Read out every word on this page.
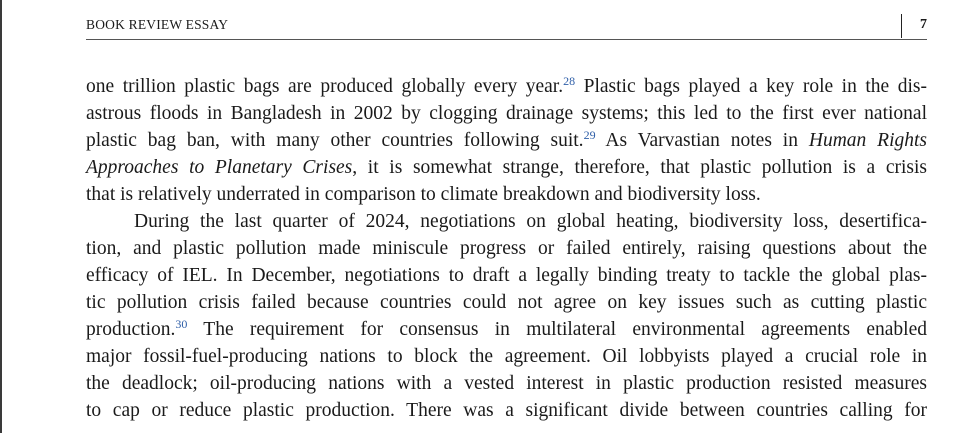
BOOK REVIEW ESSAY	7
one trillion plastic bags are produced globally every year.$^{28}$ Plastic bags played a key role in the dis-
astrous floods in Bangladesh in 2002 by clogging drainage systems; this led to the first ever national
plastic bag ban, with many other countries following suit.$^{29}$ As Varvastian notes in Human Rights
Approaches to Planetary Crises, it is somewhat strange, therefore, that plastic pollution is a crisis
that is relatively underrated in comparison to climate breakdown and biodiversity loss.
During the last quarter of 2024, negotiations on global heating, biodiversity loss, desertifica-
tion, and plastic pollution made miniscule progress or failed entirely, raising questions about the
efficacy of IEL. In December, negotiations to draft a legally binding treaty to tackle the global plas-
tic pollution crisis failed because countries could not agree on key issues such as cutting plastic
production.$^{30}$ The requirement for consensus in multilateral environmental agreements enabled
major fossil-fuel-producing nations to block the agreement. Oil lobbyists played a crucial role in
the deadlock; oil-producing nations with a vested interest in plastic production resisted measures
to cap or reduce plastic production. There was a significant divide between countries calling for
